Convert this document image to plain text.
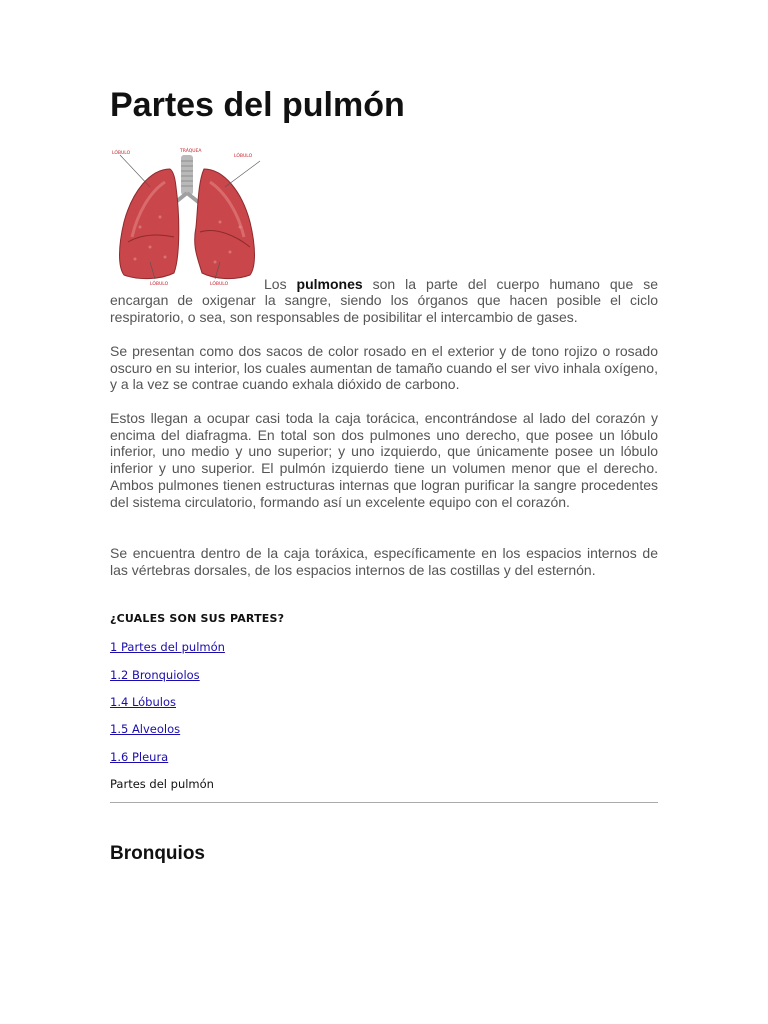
Partes del pulmón
LÓBULO	TRÁQUEA
LÓBULO
LÓBULO	LÓBULO	Los pulmones son la parte del cuerpo humano que se

encargan de oxigenar la sangre, siendo los órganos que hacen posible el ciclo respiratorio, o sea, son responsables de posibilitar el intercambio de gases.

Se presentan como dos sacos de color rosado en el exterior y de tono rojizo o rosado oscuro en su interior, los cuales aumentan de tamaño cuando el ser vivo inhala oxígeno, y a la vez se contrae cuando exhala dióxido de carbono.

Estos llegan a ocupar casi toda la caja torácica, encontrándose al lado del corazón y encima del diafragma. En total son dos pulmones uno derecho, que posee un lóbulo inferior, uno medio y uno superior; y uno izquierdo, que únicamente posee un lóbulo inferior y uno superior. El pulmón izquierdo tiene un volumen menor que el derecho. Ambos pulmones tienen estructuras internas que logran purificar la sangre procedentes del sistema circulatorio, formando así un excelente equipo con el corazón.

Se encuentra dentro de la caja toráxica, específicamente en los espacios internos de las vértebras dorsales, de los espacios internos de las costillas y del esternón.

¿CUALES SON SUS PARTES?

1 Partes del pulmón
1.2 Bronquiolos
1.4 Lóbulos
1.5 Alveolos
1.6 Pleura

Partes del pulmón

Bronquios
